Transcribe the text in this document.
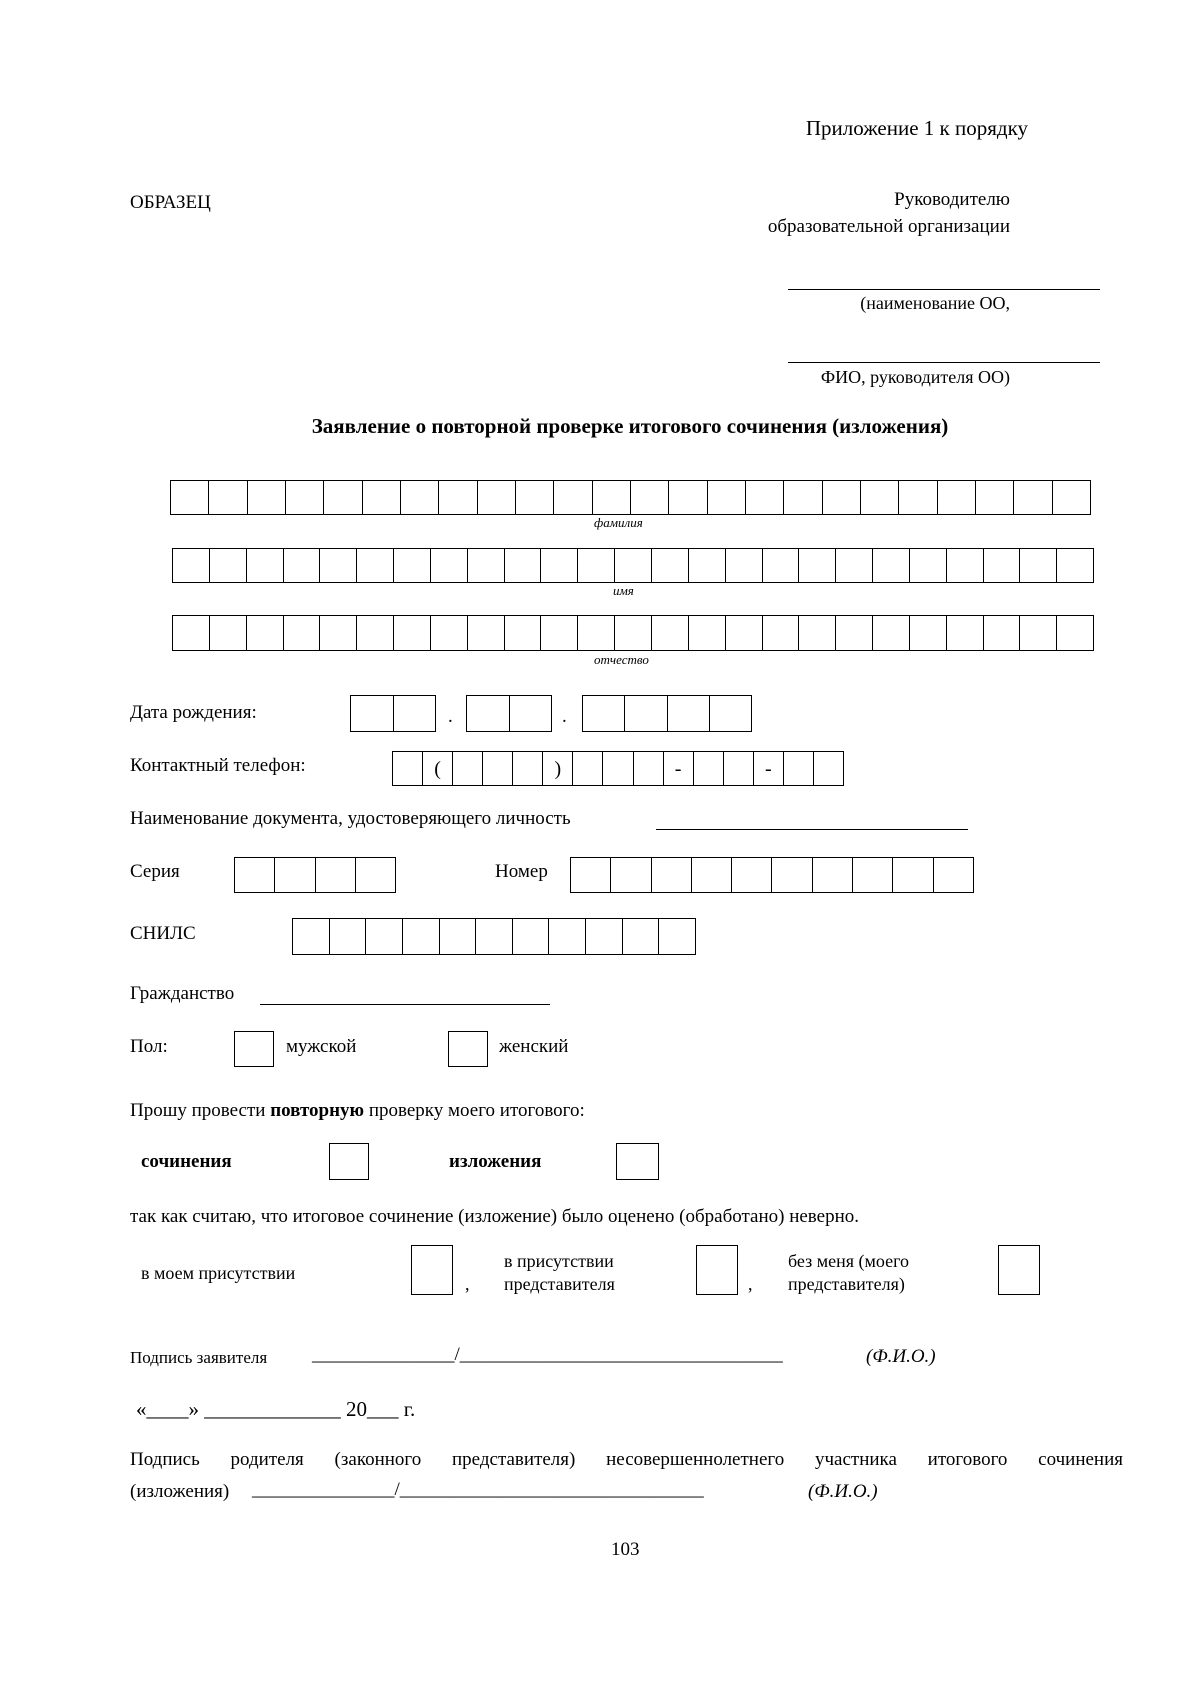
Приложение 1 к порядку
ОБРАЗЕЦ	Руководителю
образовательной организации
(наименование ОО,
ФИО, руководителя ОО)
Заявление о повторной проверке итогового сочинения (изложения)
фамилия
имя
отчество
Дата рождения:	.	.
Контактный телефон:	(	)	-	-
Наименование документа, удостоверяющего личность
Серия	Номер
СНИЛС
Гражданство
Пол:	мужской	женский
Прошу провести повторную проверку моего итогового:
сочинения	изложения
так как считаю, что итоговое сочинение (изложение) было оценено (обработано) неверно.
в моем присутствии
,
в присутствии
представителя	,
без меня (моего
представителя)
Подпись заявителя _______________/__________________________________	(Ф.И.О.)
«____» _____________ 20___ г.
Подпись родителя (законного представителя) несовершеннолетнего участника итогового сочинения
(изложения) _______________/________________________________	(Ф.И.О.)
103
